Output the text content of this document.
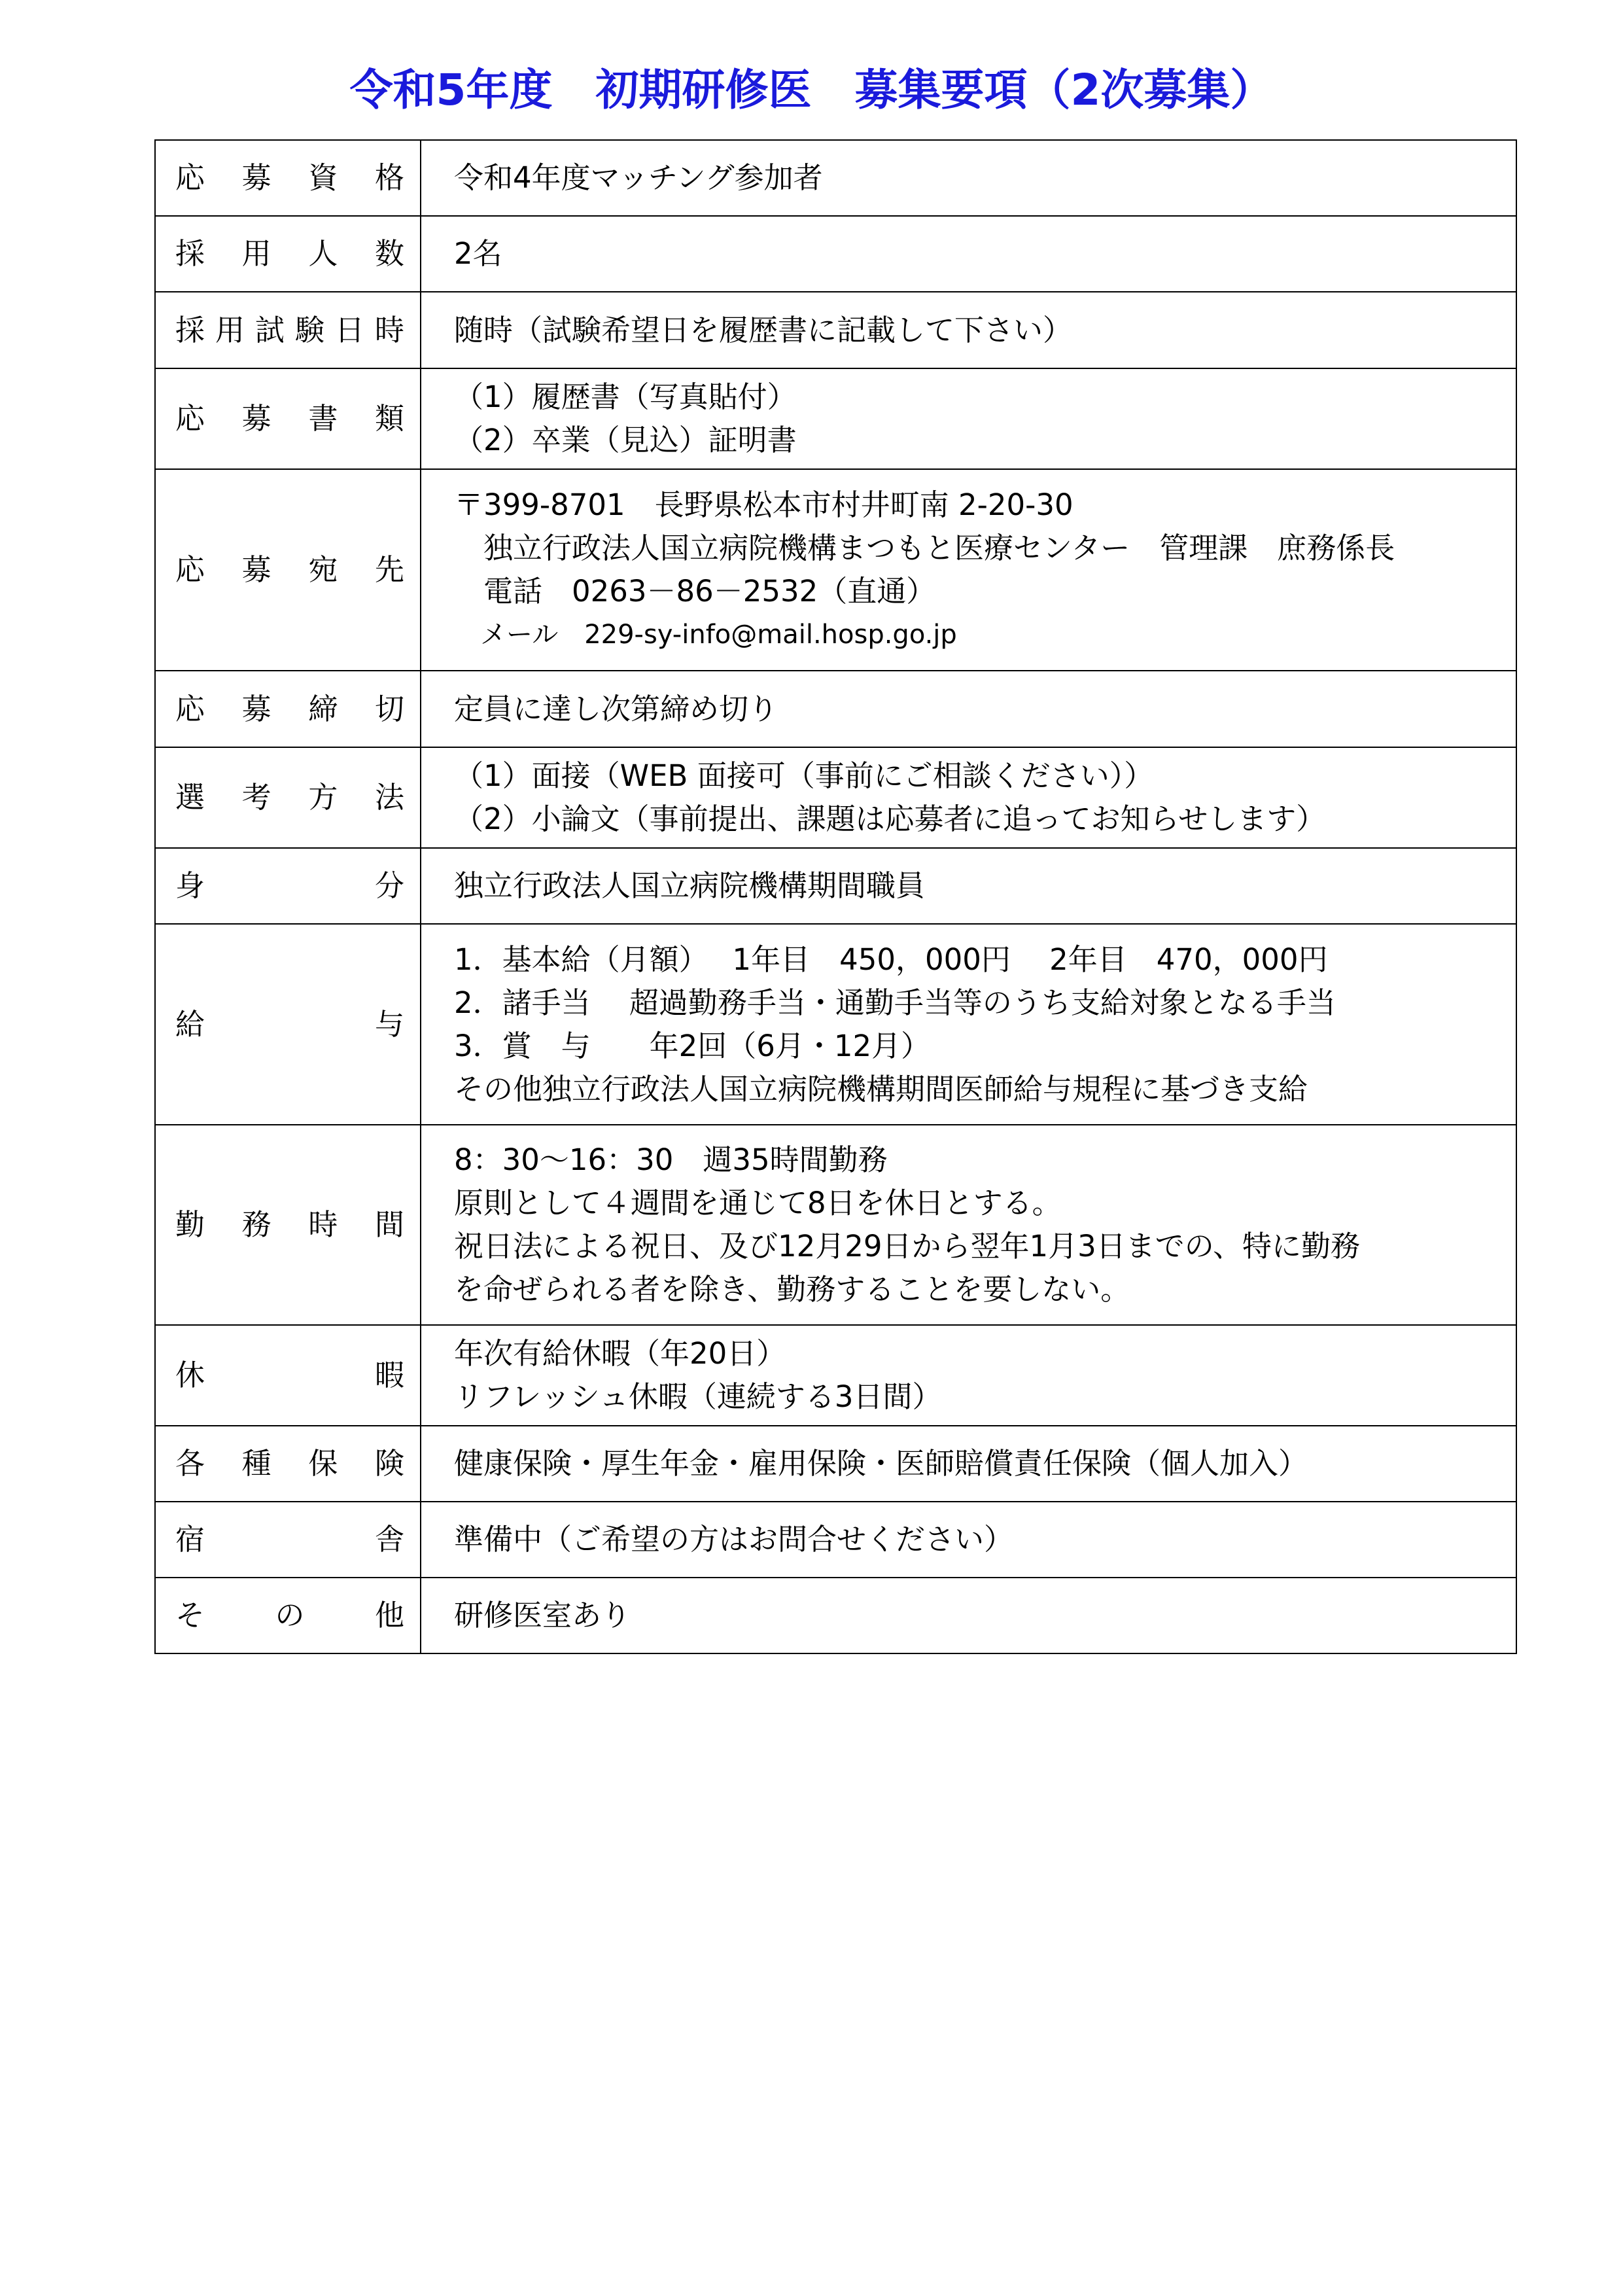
令和5年度　初期研修医　募集要項（2次募集）
応募資格	令和4年度マッチング参加者

採用人数	2名

採用試験日時	随時（試験希望日を履歴書に記載して下さい）

応募書類	（1）履歴書（写真貼付）
（2）卒業（見込）証明書

応募宛先	〒399-8701　長野県松本市村井町南 2-20-30
　独立行政法人国立病院機構まつもと医療センター　管理課　庶務係長
　電話　0263－86－2532（直通）
　メール　229-sy-info@mail.hosp.go.jp

応募締切	定員に達し次第締め切り

選考方法	（1）面接（WEB 面接可（事前にご相談ください））
（2）小論文（事前提出、課題は応募者に追ってお知らせします）

身分	独立行政法人国立病院機構期間職員

給与	1．基本給（月額）　 1年目　450，000円　 2年目　470，000円
2．諸手当　 超過勤務手当・通勤手当等のうち支給対象となる手当
3．賞　与　　年2回（6月・12月）
その他独立行政法人国立病院機構期間医師給与規程に基づき支給

勤務時間	8：30～16：30　週35時間勤務
原則として４週間を通じて8日を休日とする。
祝日法による祝日、及び12月29日から翌年1月3日までの、特に勤務
を命ぜられる者を除き、勤務することを要しない。

休暇	年次有給休暇（年20日）
リフレッシュ休暇（連続する3日間）

各種保険	健康保険・厚生年金・雇用保険・医師賠償責任保険（個人加入）

宿舎	準備中（ご希望の方はお問合せください）

その他	研修医室あり
